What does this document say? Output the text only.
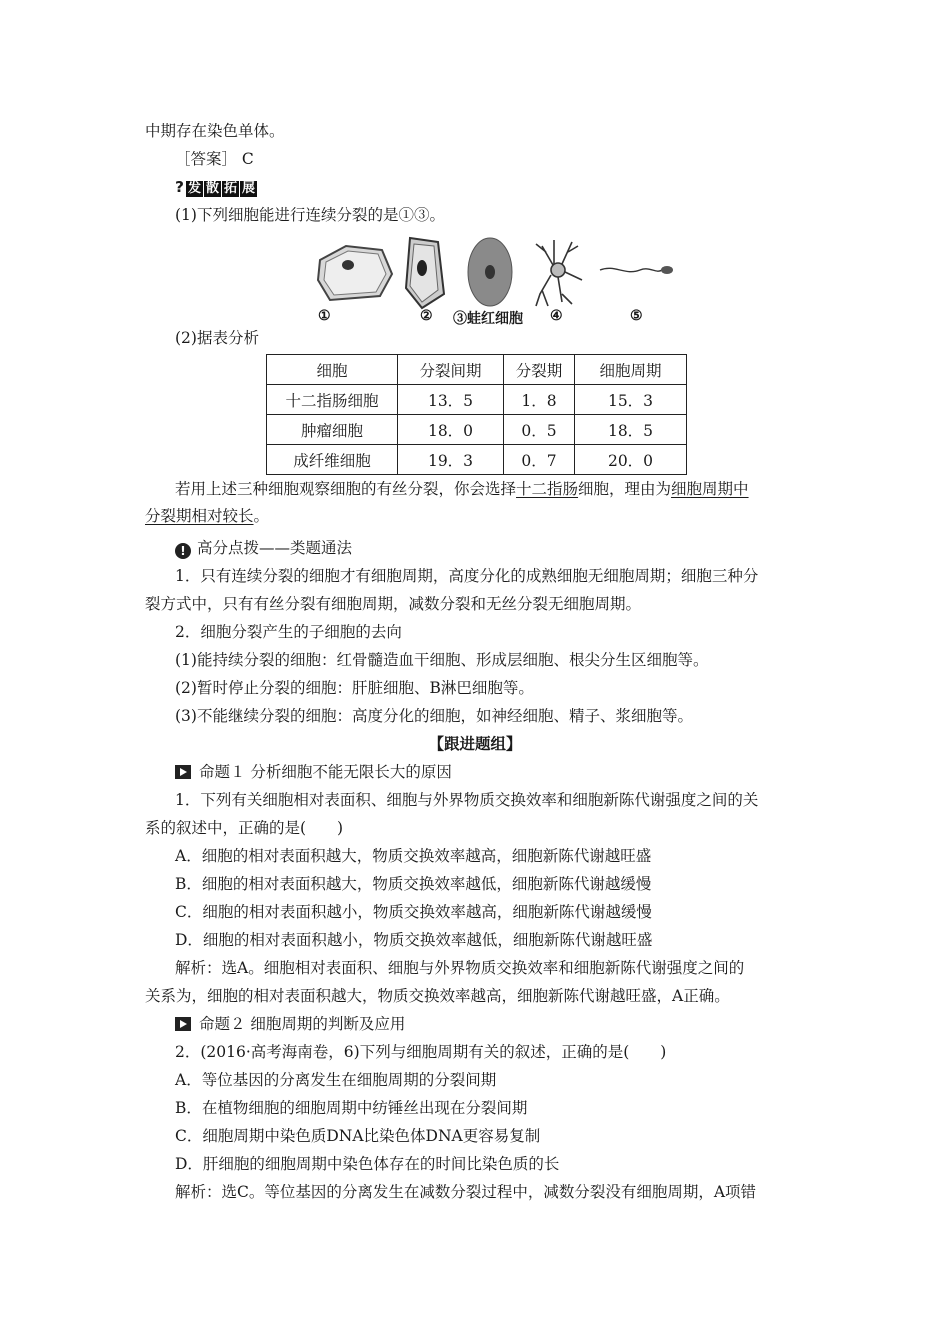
中期存在染色单体。
［答案］ C
? 发 散 拓 展
(1)下列细胞能进行连续分裂的是①③。
①	② ③蛙红细胞 ④	⑤
(2)据表分析
细胞	分裂间期	分裂期	细胞周期
十二指肠细胞	13．5	1．8	15．3
肿瘤细胞	18．0	0．5	18．5
成纤维细胞	19．3	0．7	20．0
若用上述三种细胞观察细胞的有丝分裂，你会选择十二指肠细胞，理由为细胞周期中
分裂期相对较长。
! 高分点拨——类题通法
1．只有连续分裂的细胞才有细胞周期，高度分化的成熟细胞无细胞周期；细胞三种分
裂方式中，只有有丝分裂有细胞周期，减数分裂和无丝分裂无细胞周期。
2．细胞分裂产生的子细胞的去向
(1)能持续分裂的细胞：红骨髓造血干细胞、形成层细胞、根尖分生区细胞等。
(2)暂时停止分裂的细胞：肝脏细胞、B淋巴细胞等。
(3)不能继续分裂的细胞：高度分化的细胞，如神经细胞、精子、浆细胞等。
【跟进题组】
命题１ 分析细胞不能无限长大的原因
1．下列有关细胞相对表面积、细胞与外界物质交换效率和细胞新陈代谢强度之间的关
系的叙述中，正确的是(　　)
A．细胞的相对表面积越大，物质交换效率越高，细胞新陈代谢越旺盛
B．细胞的相对表面积越大，物质交换效率越低，细胞新陈代谢越缓慢
C．细胞的相对表面积越小，物质交换效率越高，细胞新陈代谢越缓慢
D．细胞的相对表面积越小，物质交换效率越低，细胞新陈代谢越旺盛
解析：选A。细胞相对表面积、细胞与外界物质交换效率和细胞新陈代谢强度之间的
关系为，细胞的相对表面积越大，物质交换效率越高，细胞新陈代谢越旺盛，A正确。
命题２ 细胞周期的判断及应用
2．(2016·高考海南卷，6)下列与细胞周期有关的叙述，正确的是(　　)
A．等位基因的分离发生在细胞周期的分裂间期
B．在植物细胞的细胞周期中纺锤丝出现在分裂间期
C．细胞周期中染色质DNA比染色体DNA更容易复制
D．肝细胞的细胞周期中染色体存在的时间比染色质的长
解析：选C。等位基因的分离发生在减数分裂过程中，减数分裂没有细胞周期，A项错
